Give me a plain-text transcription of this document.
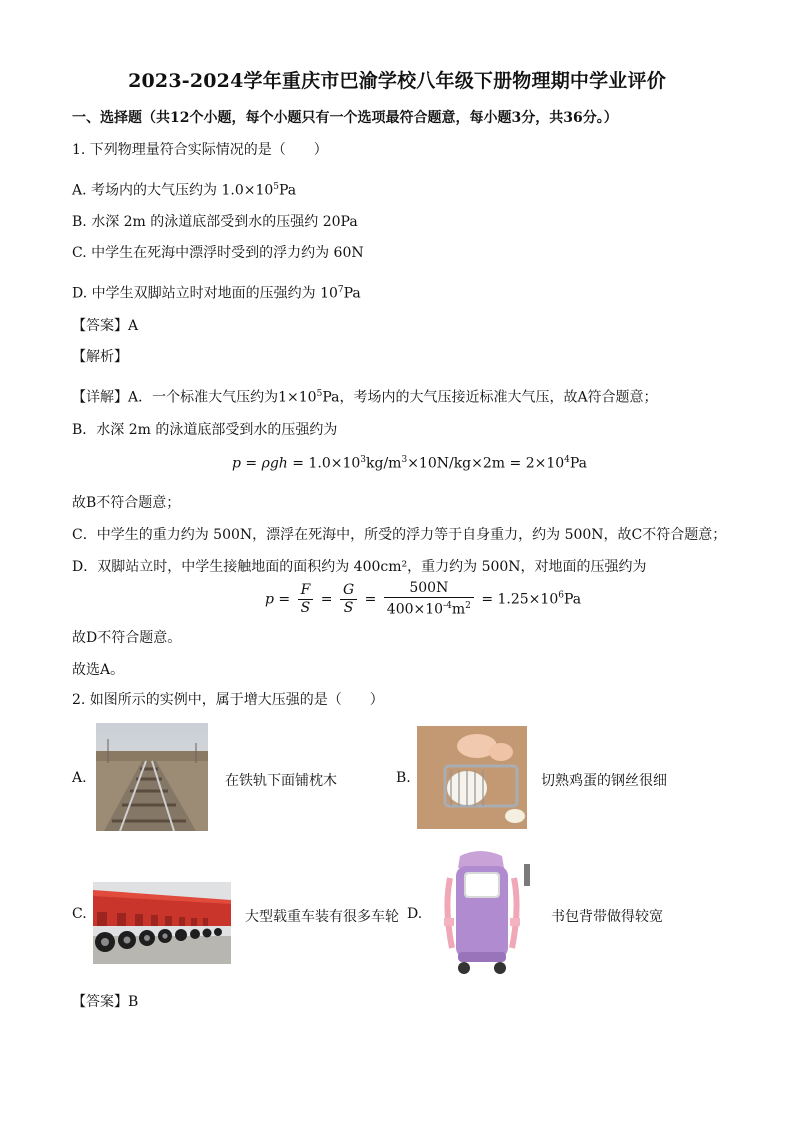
2023-2024学年重庆市巴渝学校八年级下册物理期中学业评价
一、选择题（共12个小题，每个小题只有一个选项最符合题意，每小题3分，共36分。）
1. 下列物理量符合实际情况的是（　　）
A. 考场内的大气压约为 $1.0\times 10^5Pa$
B. 水深 2m 的泳道底部受到水的压强约 20Pa
C. 中学生在死海中漂浮时受到的浮力约为 60N
D. 中学生双脚站立时对地面的压强约为 $10^7Pa$
【答案】A
【解析】
【详解】A．一个标准大气压约为$1\times 10^5Pa$，考场内的大气压接近标准大气压，故A符合题意；
B．水深 2m 的泳道底部受到水的压强约为
$p = \rho gh = 1.0\times 10^3kg/m^3\times 10N/kg\times 2m = 2\times 10^4Pa$
故B不符合题意；
C．中学生的重力约为 500N，漂浮在死海中，所受的浮力等于自身重力，约为 500N，故C不符合题意；
D．双脚站立时，中学生接触地面的面积约为 400cm²，重力约为 500N，对地面的压强约为
$p = \frac{F}{S} = \frac{G}{S} = \frac{500N}{400\times 10^{-4}m^2} = 1.25\times 10^6Pa$
故D不符合题意。
故选A。
2. 如图所示的实例中，属于增大压强的是（　　）
A.	在铁轨下面铺枕木	B.	切熟鸡蛋的钢丝很细
C.	大型载重车装有很多车轮 D.	书包背带做得较宽
【答案】B
